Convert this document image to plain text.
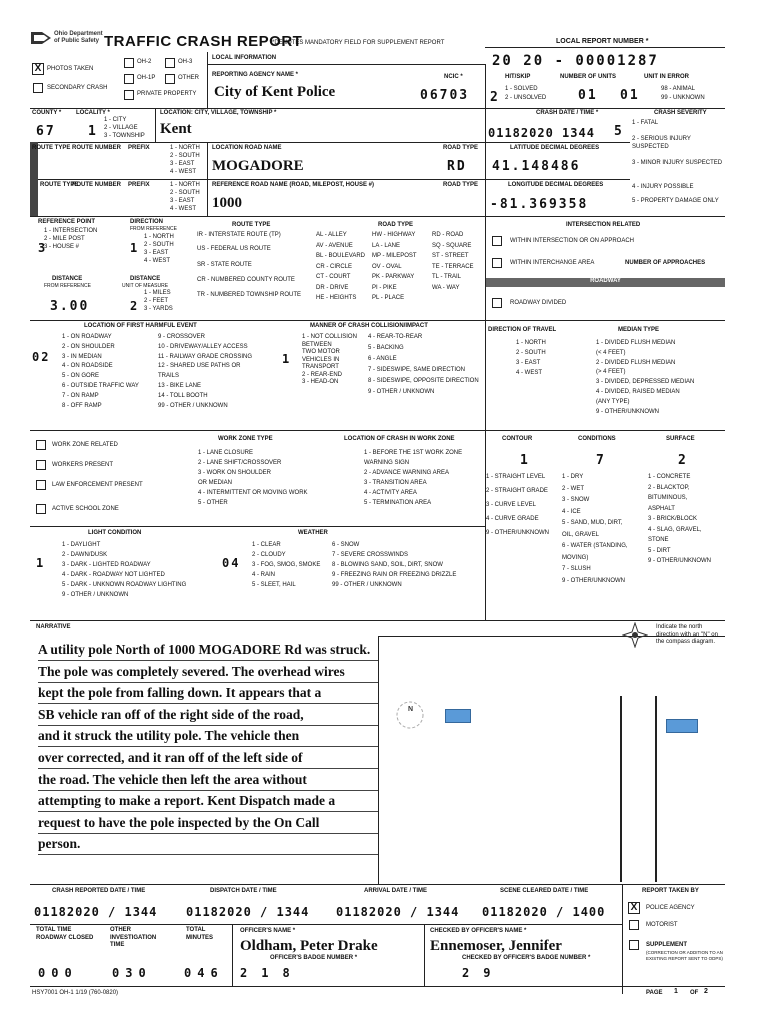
Ohio Department
of Public Safety TRAFFIC CRASH REPORT
*DENOTES MANDATORY FIELD FOR SUPPLEMENT REPORT	LOCAL REPORT NUMBER *
20 20 - 00001287
X PHOTOS TAKEN
SECONDARY CRASH
OH-2	OH-3
OH-1P	OTHER
PRIVATE PROPERTY
LOCAL INFORMATION
REPORTING AGENCY NAME *
City of Kent Police
NCIC *
06703
HIT/SKIP
2
1 - SOLVED
2 - UNSOLVED
NUMBER OF UNITS
01
UNIT IN ERROR
01	98 - ANIMAL
99 - UNKNOWN
COUNTY *
67
LOCALITY *
1
1 - CITY
2 - VILLAGE
3 - TOWNSHIP
LOCATION: CITY, VILLAGE, TOWNSHIP *
Kent
CRASH DATE / TIME *
01182020 1344 5
CRASH SEVERITY
1 - FATAL
2 - SERIOUS INJURY SUSPECTED
3 - MINOR INJURY SUSPECTED
4 - INJURY POSSIBLE
5 - PROPERTY DAMAGE ONLY
ROUTE TYPE ROUTE NUMBER PREFIX	1 - NORTH
2 - SOUTH
3 - EAST
4 - WEST
LOCATION ROAD NAME
MOGADORE
ROAD TYPE
RD
LATITUDE DECIMAL DEGREES
41.148486
ROUTE TYPE
ROUTE NUMBER PREFIX	1 - NORTH
2 - SOUTH
3 - EAST
4 - WEST
REFERENCE ROAD NAME (ROAD, MILEPOST, HOUSE #)
1000
ROAD TYPE	LONGITUDE DECIMAL DEGREES
-81.369358
REFERENCE POINT
1 - INTERSECTION
2 - MILE POST
3 - HOUSE #
3
DIRECTION
FROM REFERENCE
1 - NORTH
2 - SOUTH
3 - EAST
4 - WEST
1
DISTANCE
FROM REFERENCE
3.00
DISTANCE
UNIT OF MEASURE
1 - MILES
2 - FEET
3 - YARDS
2
ROUTE TYPE
IR - INTERSTATE ROUTE (TP)
US - FEDERAL US ROUTE
SR - STATE ROUTE
CR - NUMBERED COUNTY ROUTE
TR - NUMBERED TOWNSHIP ROUTE
ROAD TYPE
AL - ALLEY
AV - AVENUE
BL - BOULEVARD
CR - CIRCLE
CT - COURT
DR - DRIVE
HE - HEIGHTS
HW - HIGHWAY
LA - LANE
MP - MILEPOST
OV - OVAL
PK - PARKWAY
PI - PIKE
PL - PLACE
RD - ROAD
SQ - SQUARE
ST - STREET
TE - TERRACE
TL - TRAIL
WA - WAY
INTERSECTION RELATED
WITHIN INTERSECTION OR ON APPROACH
WITHIN INTERCHANGE AREA	NUMBER OF APPROACHES
ROADWAY
ROADWAY DIVIDED
LOCATION OF FIRST HARMFUL EVENT
02
1 - ON ROADWAY
2 - ON SHOULDER
3 - IN MEDIAN
4 - ON ROADSIDE
5 - ON GORE
6 - OUTSIDE TRAFFIC WAY
7 - ON RAMP
8 - OFF RAMP
9 - CROSSOVER
10 - DRIVEWAY/ALLEY ACCESS
11 - RAILWAY GRADE CROSSING
12 - SHARED USE PATHS OR
TRAILS
13 - BIKE LANE
14 - TOLL BOOTH
99 - OTHER / UNKNOWN
MANNER OF CRASH COLLISION/IMPACT
1
1 - NOT COLLISION
BETWEEN
TWO MOTOR
VEHICLES IN
TRANSPORT
2 - REAR-END
3 - HEAD-ON
4 - REAR-TO-REAR
5 - BACKING
6 - ANGLE
7 - SIDESWIPE, SAME DIRECTION
8 - SIDESWIPE, OPPOSITE DIRECTION
9 - OTHER / UNKNOWN
DIRECTION OF TRAVEL
1 - NORTH
2 - SOUTH
3 - EAST
4 - WEST
MEDIAN TYPE
1 - DIVIDED FLUSH MEDIAN
(< 4 FEET)
2 - DIVIDED FLUSH MEDIAN
(> 4 FEET)
3 - DIVIDED, DEPRESSED MEDIAN
4 - DIVIDED, RAISED MEDIAN
(ANY TYPE)
9 - OTHER/UNKNOWN
WORK ZONE RELATED
WORKERS PRESENT
LAW ENFORCEMENT PRESENT
ACTIVE SCHOOL ZONE
WORK ZONE TYPE
1 - LANE CLOSURE
2 - LANE SHIFT/CROSSOVER
3 - WORK ON SHOULDER
OR MEDIAN
4 - INTERMITTENT OR MOVING WORK
5 - OTHER
LOCATION OF CRASH IN WORK ZONE
1 - BEFORE THE 1ST WORK ZONE
WARNING SIGN
2 - ADVANCE WARNING AREA
3 - TRANSITION AREA
4 - ACTIVITY AREA
5 - TERMINATION AREA
CONTOUR
1
1 - STRAIGHT LEVEL
2 - STRAIGHT GRADE
3 - CURVE LEVEL
4 - CURVE GRADE
9 - OTHER/UNKNOWN
CONDITIONS
7
1 - DRY
2 - WET
3 - SNOW
4 - ICE
5 - SAND, MUD, DIRT,
OIL, GRAVEL
6 - WATER (STANDING,
MOVING)
7 - SLUSH
9 - OTHER/UNKNOWN
SURFACE
2
1 - CONCRETE
2 - BLACKTOP,
BITUMINOUS,
ASPHALT
3 - BRICK/BLOCK
4 - SLAG, GRAVEL,
STONE
5 - DIRT
9 - OTHER/UNKNOWN
LIGHT CONDITION
1
1 - DAYLIGHT
2 - DAWN/DUSK
3 - DARK - LIGHTED ROADWAY
4 - DARK - ROADWAY NOT LIGHTED
5 - DARK - UNKNOWN ROADWAY LIGHTING
9 - OTHER / UNKNOWN
WEATHER
04
1 - CLEAR
2 - CLOUDY
3 - FOG, SMOG, SMOKE
4 - RAIN
5 - SLEET, HAIL
6 - SNOW
7 - SEVERE CROSSWINDS
8 - BLOWING SAND, SOIL, DIRT, SNOW
9 - FREEZING RAIN OR FREEZING DRIZZLE
99 - OTHER / UNKNOWN
NARRATIVE	Indicate the north direction with an "N" on the compass diagram.
A utility pole North of 1000 MOGADORE Rd was struck.
The pole was completely severed. The overhead wires
kept the pole from falling down. It appears that a
SB vehicle ran off of the right side of the road,
and it struck the utility pole. The vehicle then
over corrected, and it ran off of the left side of
the road. The vehicle then left the area without
attempting to make a report. Kent Dispatch made a
request to have the pole inspected by the On Call
person.
N
CRASH REPORTED DATE / TIME
01182020 / 1344
DISPATCH DATE / TIME
01182020 / 1344
ARRIVAL DATE / TIME
01182020 / 1344
SCENE CLEARED DATE / TIME
01182020 / 1400
REPORT TAKEN BY
X	POLICE AGENCY
MOTORIST
SUPPLEMENT
(CORRECTION OR ADDITION TO AN EXISTING REPORT SENT TO ODPS)
TOTAL TIME ROADWAY CLOSED
000
OTHER INVESTIGATION TIME
030
TOTAL MINUTES
046
OFFICER'S NAME *
Oldham, Peter Drake
OFFICER'S BADGE NUMBER *
218
CHECKED BY OFFICER'S NAME *
Ennemoser, Jennifer
CHECKED BY OFFICER'S BADGE NUMBER *
29
HSY7001 OH-1 1/19 (760-0820)	PAGE 1 OF 2
